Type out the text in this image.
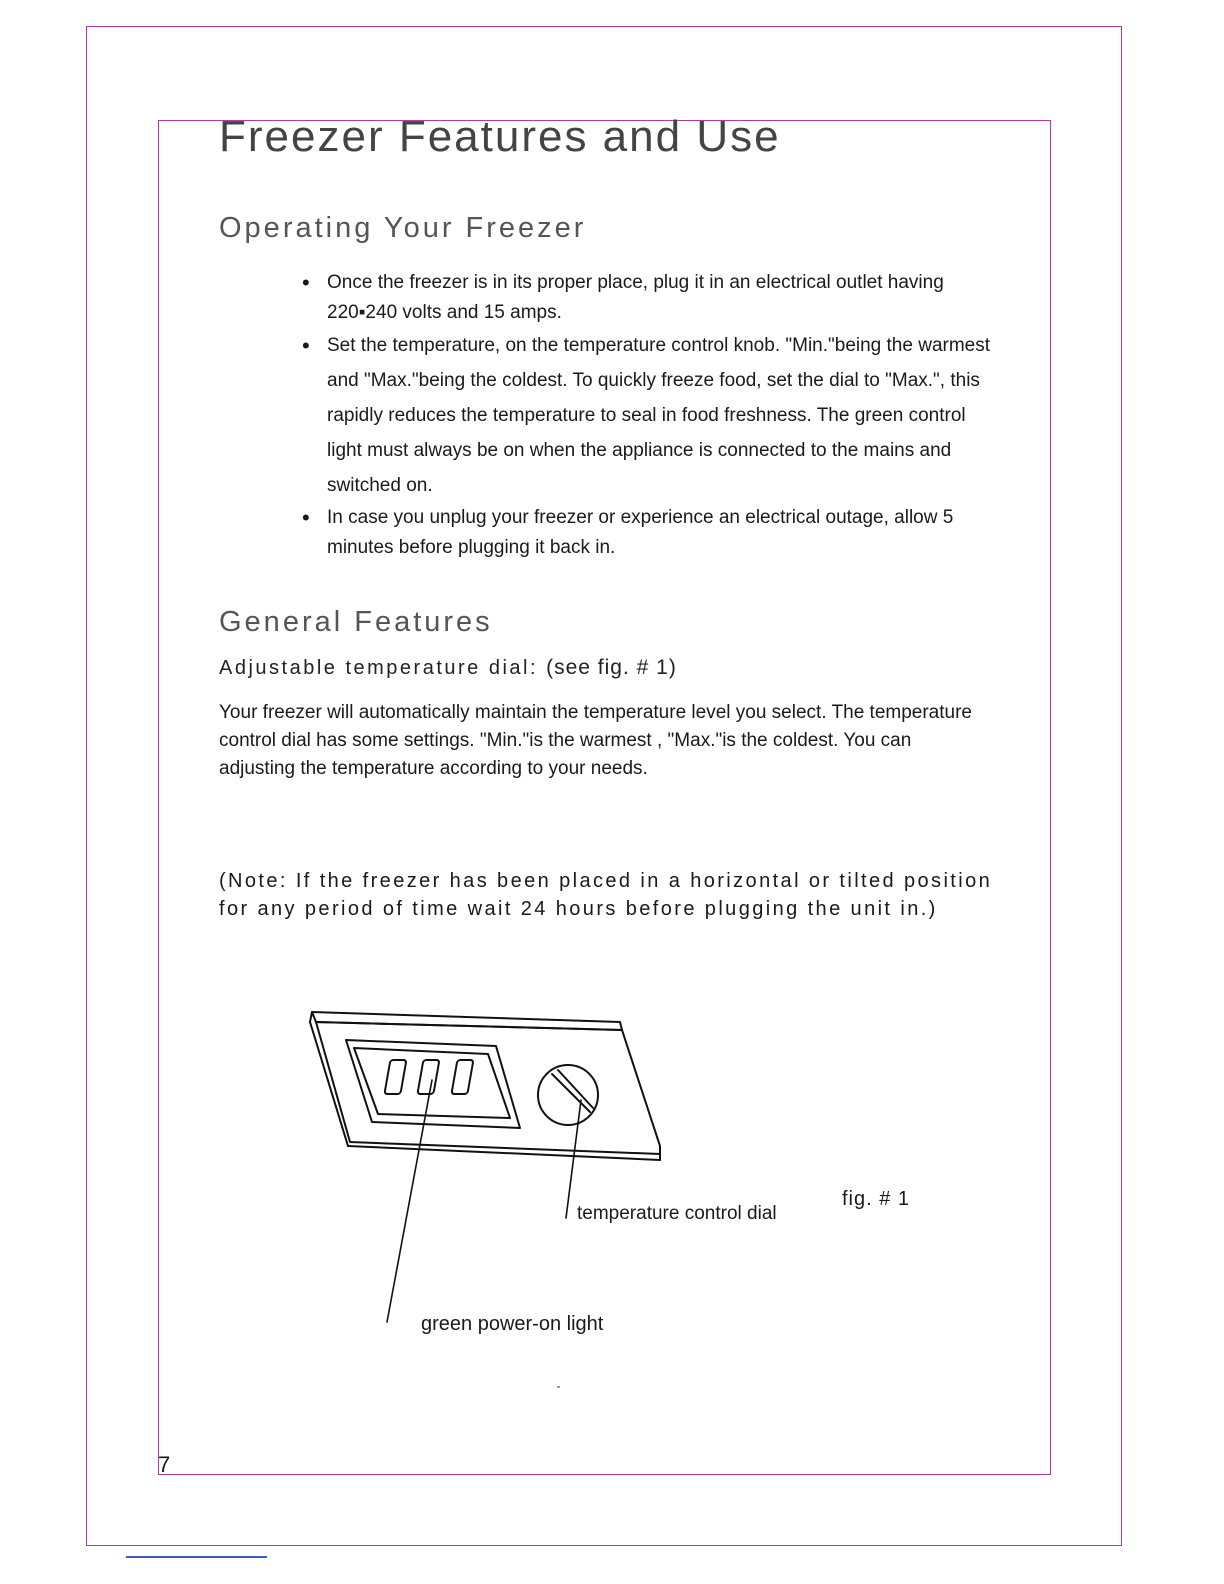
Freezer Features and Use
Operating Your Freezer
• Once the freezer is in its proper place, plug it in an electrical outlet having 220▪240 volts and 15 amps.
• Set the temperature, on the temperature control knob. "Min."being the warmest and "Max."being the coldest. To quickly freeze food, set the dial to "Max.", this rapidly reduces the temperature to seal in food freshness. The green control light must always be on when the appliance is connected to the mains and switched on.
• In case you unplug your freezer or experience an electrical outage, allow 5 minutes before plugging it back in.
General Features

Adjustable temperature dial: (see fig. # 1)

Your freezer will automatically maintain the temperature level you select. The temperature control dial has some settings. "Min."is the warmest , "Max."is the coldest. You can adjusting the temperature according to your needs.

(Note: If the freezer has been placed in a horizontal or tilted position for any period of time wait 24 hours before plugging the unit in.)

temperature control dial

fig. # 1

green power-on light

7
